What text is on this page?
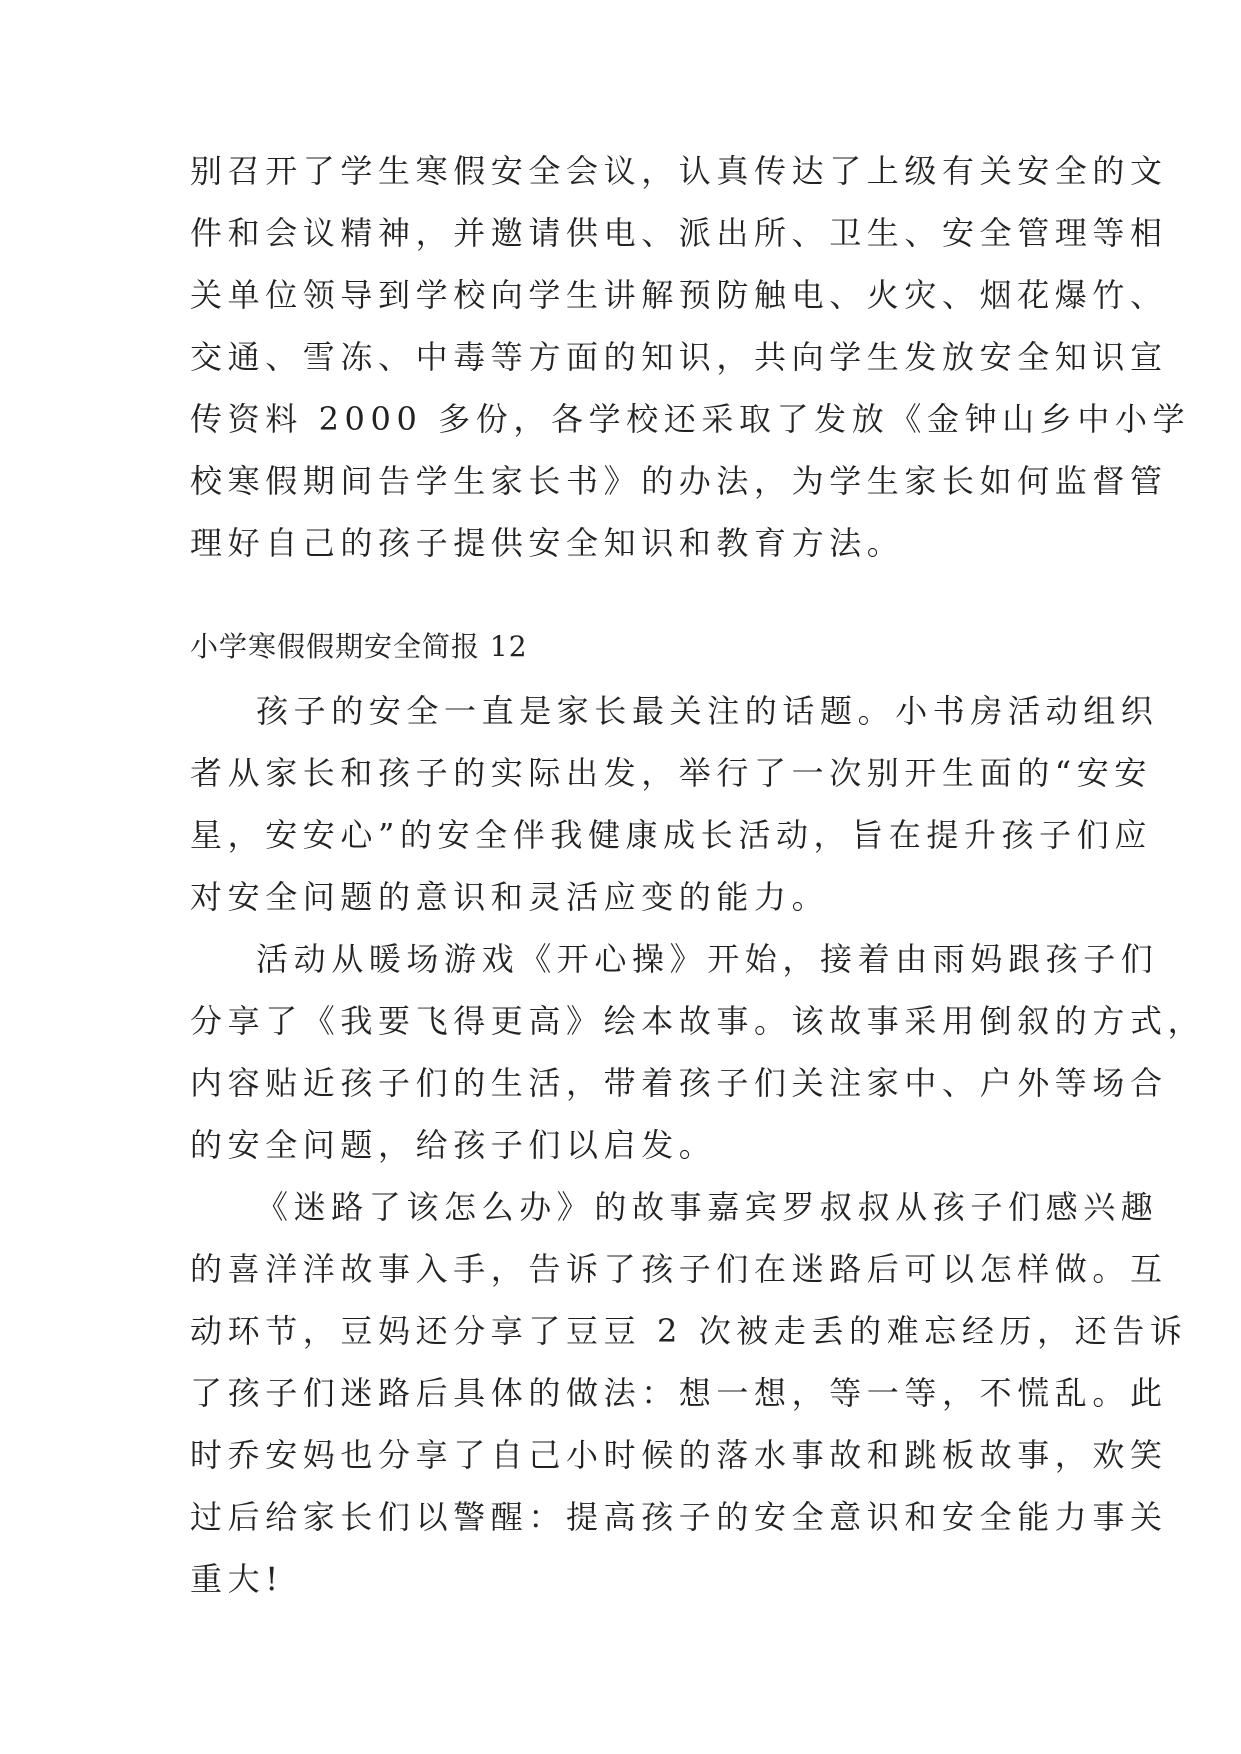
别召开了学生寒假安全会议，认真传达了上级有关安全的文
件和会议精神，并邀请供电、派出所、卫生、安全管理等相
关单位领导到学校向学生讲解预防触电、火灾、烟花爆竹、
交通、雪冻、中毒等方面的知识，共向学生发放安全知识宣
传资料 2000 多份，各学校还采取了发放《金钟山乡中小学
校寒假期间告学生家长书》的办法，为学生家长如何监督管
理好自己的孩子提供安全知识和教育方法。
小学寒假假期安全简报 12
孩子的安全一直是家长最关注的话题。小书房活动组织
者从家长和孩子的实际出发，举行了一次别开生面的“安安
星，安安心”的安全伴我健康成长活动，旨在提升孩子们应
对安全问题的意识和灵活应变的能力。
活动从暖场游戏《开心操》开始，接着由雨妈跟孩子们
分享了《我要飞得更高》绘本故事。该故事采用倒叙的方式，
内容贴近孩子们的生活，带着孩子们关注家中、户外等场合
的安全问题，给孩子们以启发。
《迷路了该怎么办》的故事嘉宾罗叔叔从孩子们感兴趣
的喜洋洋故事入手，告诉了孩子们在迷路后可以怎样做。互
动环节，豆妈还分享了豆豆 2 次被走丢的难忘经历，还告诉
了孩子们迷路后具体的做法：想一想，等一等，不慌乱。此
时乔安妈也分享了自己小时候的落水事故和跳板故事，欢笑
过后给家长们以警醒：提高孩子的安全意识和安全能力事关
重大!
